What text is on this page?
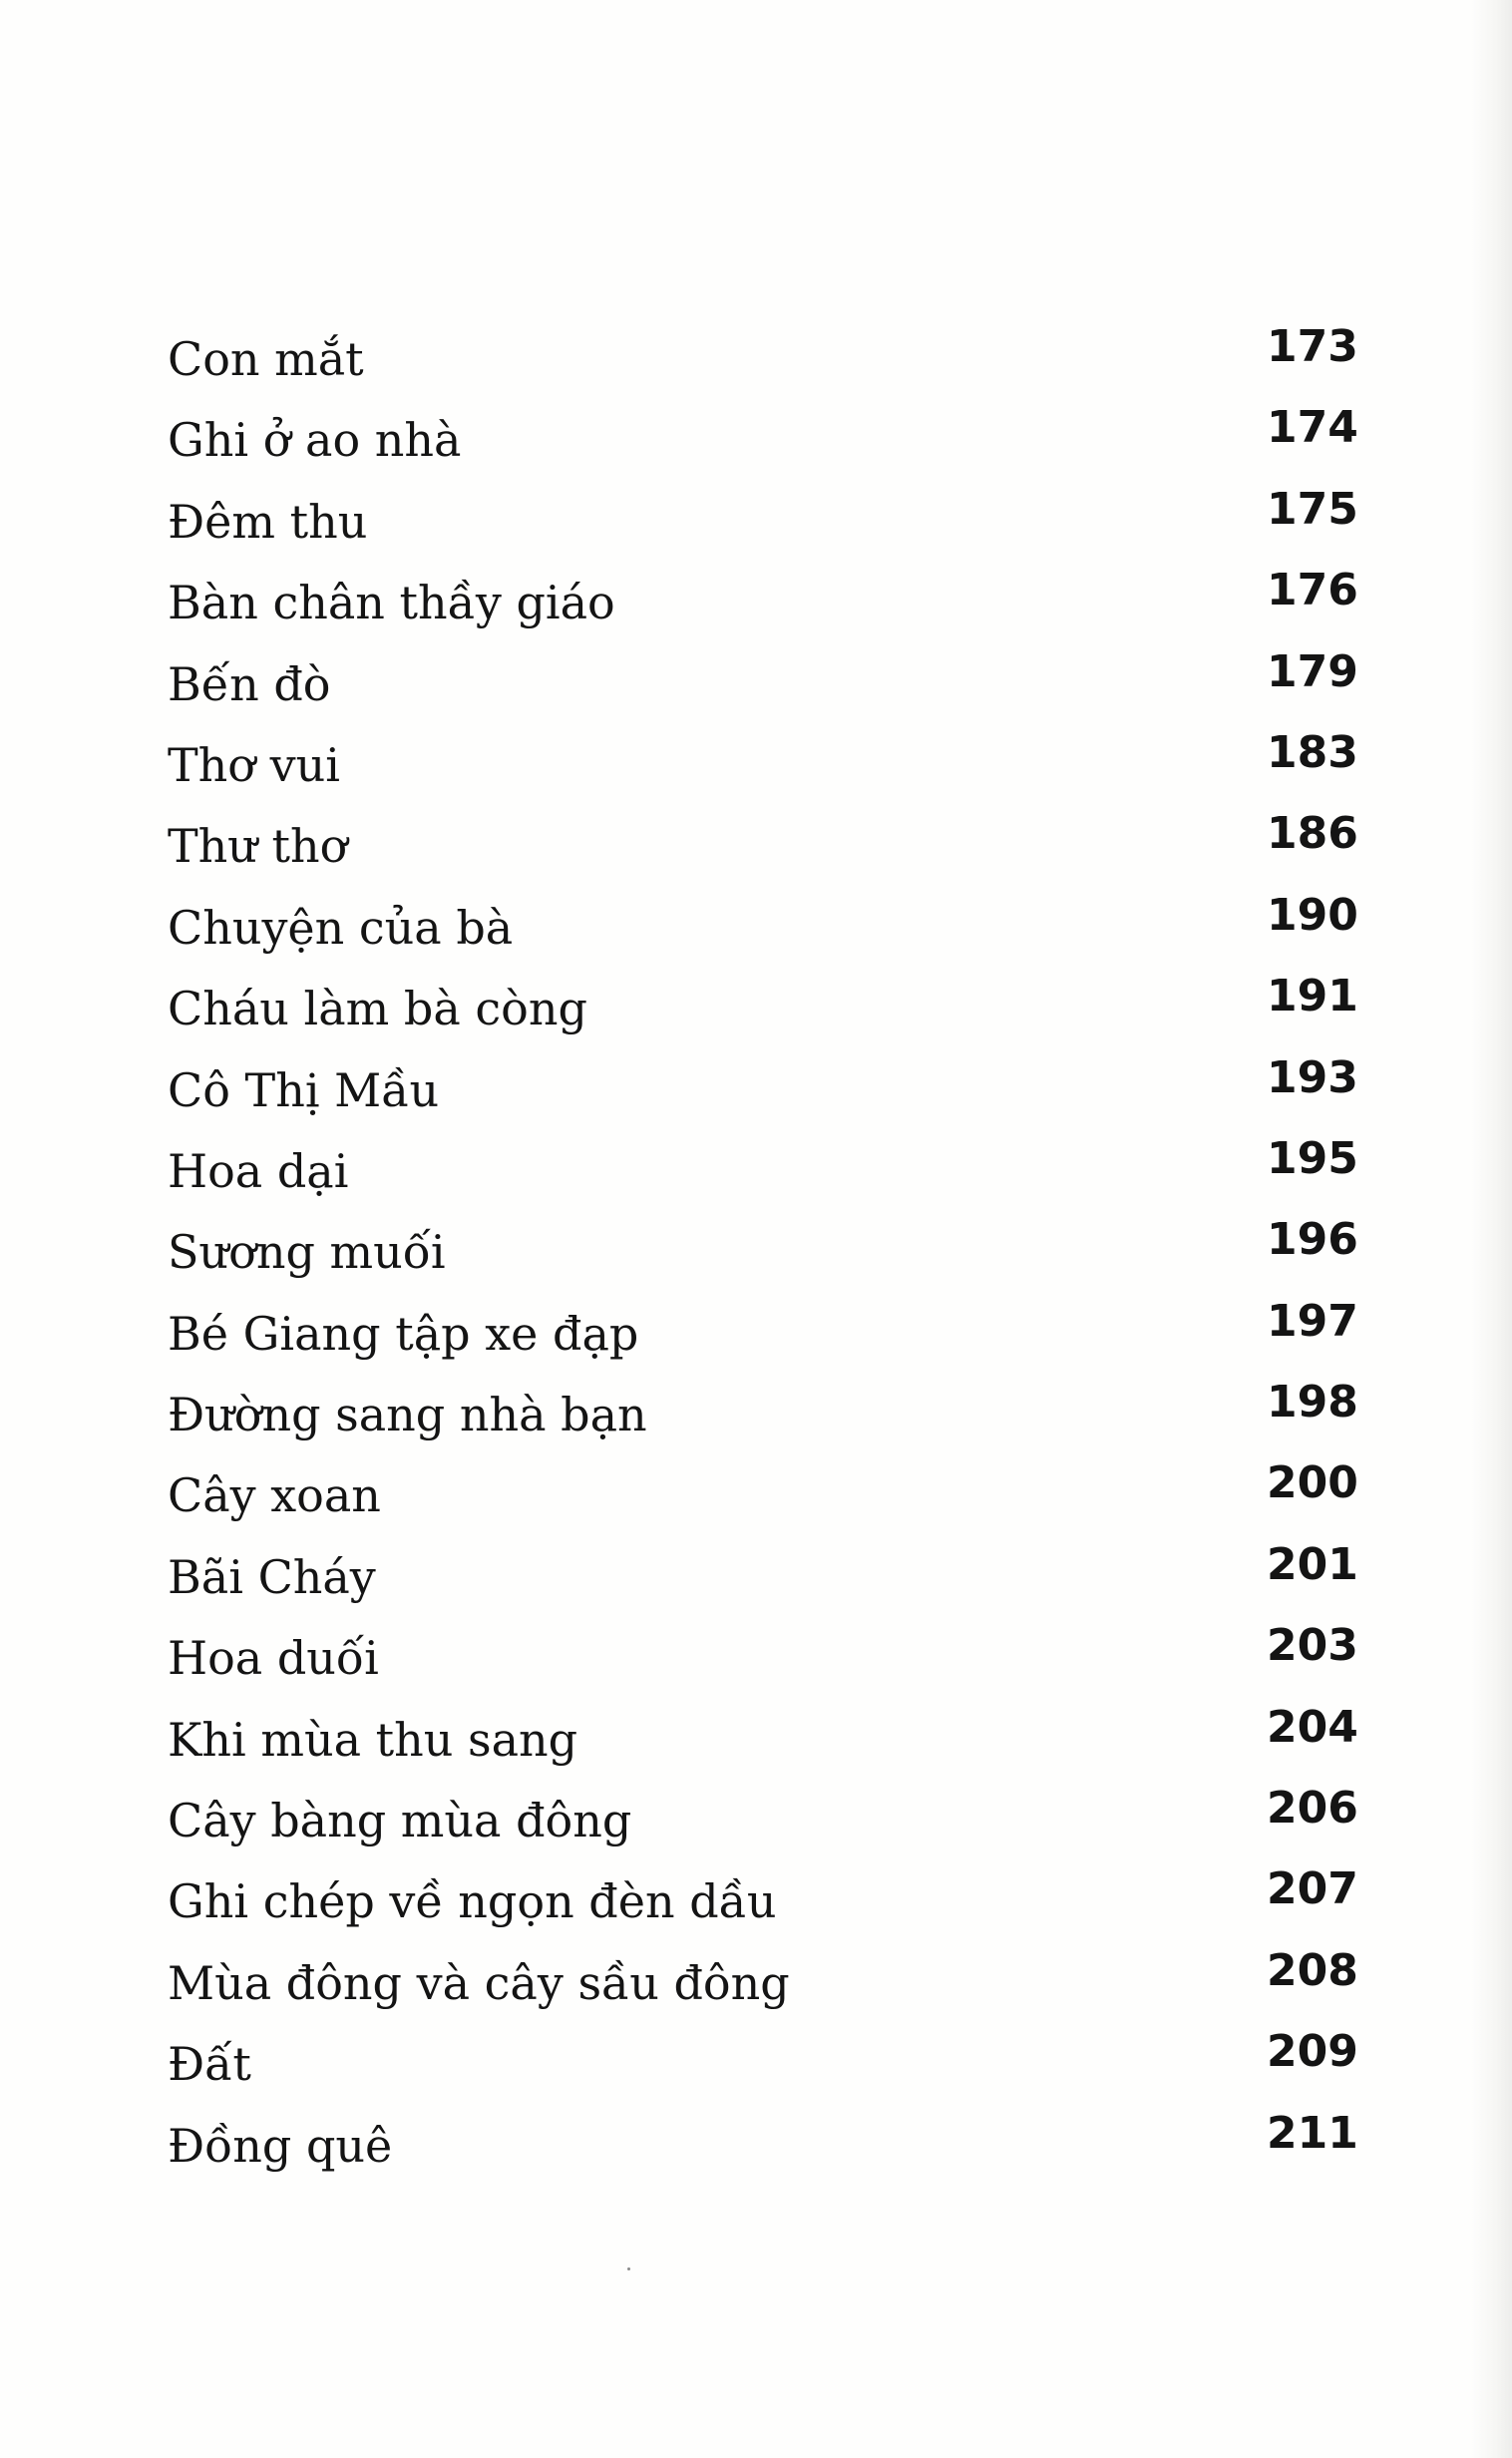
Con mắt	173
Ghi ở ao nhà	174
Đêm thu	175
Bàn chân thầy giáo	176
Bến đò	179
Thơ vui	183
Thư thơ	186
Chuyện của bà	190
Cháu làm bà còng	191
Cô Thị Mầu	193
Hoa dại	195
Sương muối	196
Bé Giang tập xe đạp	197
Đường sang nhà bạn	198
Cây xoan	200
Bãi Cháy	201
Hoa duối	203
Khi mùa thu sang	204
Cây bàng mùa đông	206
Ghi chép về ngọn đèn dầu	207
Mùa đông và cây sầu đông	208
Đất	209
Đồng quê	211
